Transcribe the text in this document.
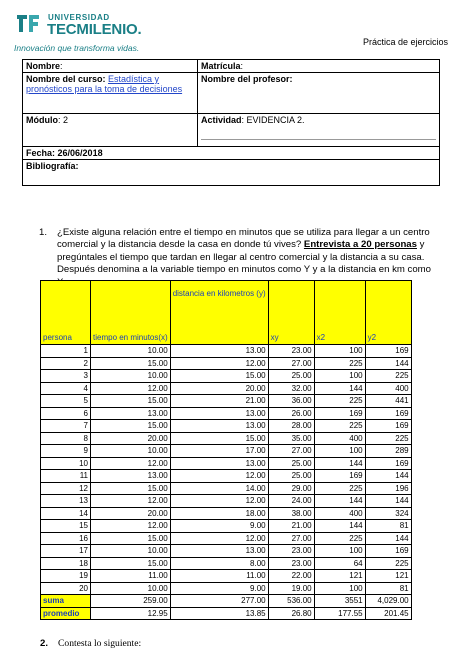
UNIVERSIDAD
TECMILENIO.
Innovación que transforma vidas.
Práctica de ejercicios
Nombre:	Matrícula:
Nombre del curso: Estadística y pronósticos para la toma de decisiones	Nombre del profesor:
Módulo: 2	Actividad: EVIDENCIA 2.

Fecha: 26/06/2018	
Bibliografía:	
1. ¿Existe alguna relación entre el tiempo en minutos que se utiliza para llegar a un centro comercial y la distancia desde la casa en donde tú vives? Entrevista a 20 personas y pregúntales el tiempo que tardan en llegar al centro comercial y la distancia a su casa. Después denomina a la variable tiempo en minutos como Y y a la distancia en km como
persona	tiempo en minutos(x)	distancia en kilometros (y)	xy	x2	y2
1	10.00	13.00	23.00	100	169
2	15.00	12.00	27.00	225	144
3	10.00	15.00	25.00	100	225
4	12.00	20.00	32.00	144	400
5	15.00	21.00	36.00	225	441
6	13.00	13.00	26.00	169	169
7	15.00	13.00	28.00	225	169
8	20.00	15.00	35.00	400	225
9	10.00	17.00	27.00	100	289
10	12.00	13.00	25.00	144	169
11	13.00	12.00	25.00	169	144
12	15.00	14.00	29.00	225	196
13	12.00	12.00	24.00	144	144
14	20.00	18.00	38.00	400	324
15	12.00	9.00	21.00	144	81
16	15.00	12.00	27.00	225	144
17	10.00	13.00	23.00	100	169
18	15.00	8.00	23.00	64	225
19	11.00	11.00	22.00	121	121
20	10.00	9.00	19.00	100	81
suma	259.00	277.00	536.00	3551	4,029.00
promedio	12.95	13.85	26.80	177.55	201.45
2. Contesta lo siguiente:
